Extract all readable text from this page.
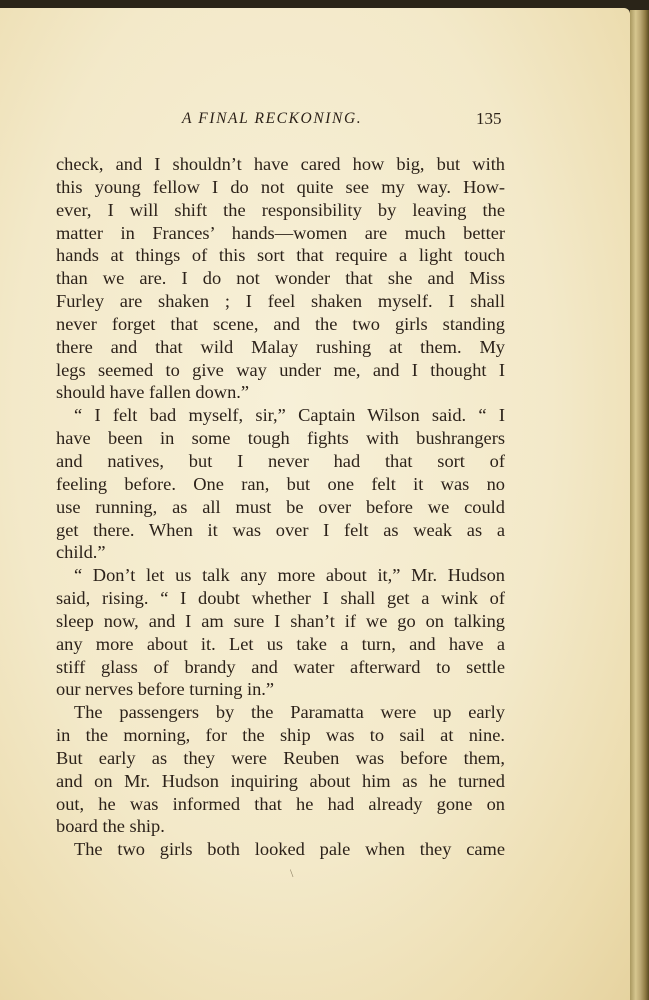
A FINAL RECKONING.	135
check, and I shouldn’t have cared how big, but with
this young fellow I do not quite see my way. How-
ever, I will shift the responsibility by leaving the
matter in Frances’ hands—women are much better
hands at things of this sort that require a light touch
than we are. I do not wonder that she and Miss
Furley are shaken ; I feel shaken myself. I shall
never forget that scene, and the two girls standing
there and that wild Malay rushing at them. My
legs seemed to give way under me, and I thought I
should have fallen down.”
“ I felt bad myself, sir,” Captain Wilson said. “ I
have been in some tough fights with bushrangers
and natives, but I never had that sort of
feeling before. One ran, but one felt it was no
use running, as all must be over before we could
get there. When it was over I felt as weak as a
child.”
“ Don’t let us talk any more about it,” Mr. Hudson
said, rising. “ I doubt whether I shall get a wink of
sleep now, and I am sure I shan’t if we go on talking
any more about it. Let us take a turn, and have a
stiff glass of brandy and water afterward to settle
our nerves before turning in.”
The passengers by the Paramatta were up early
in the morning, for the ship was to sail at nine.
But early as they were Reuben was before them,
and on Mr. Hudson inquiring about him as he turned
out, he was informed that he had already gone on
board the ship.
The two girls both looked pale when they came
\
